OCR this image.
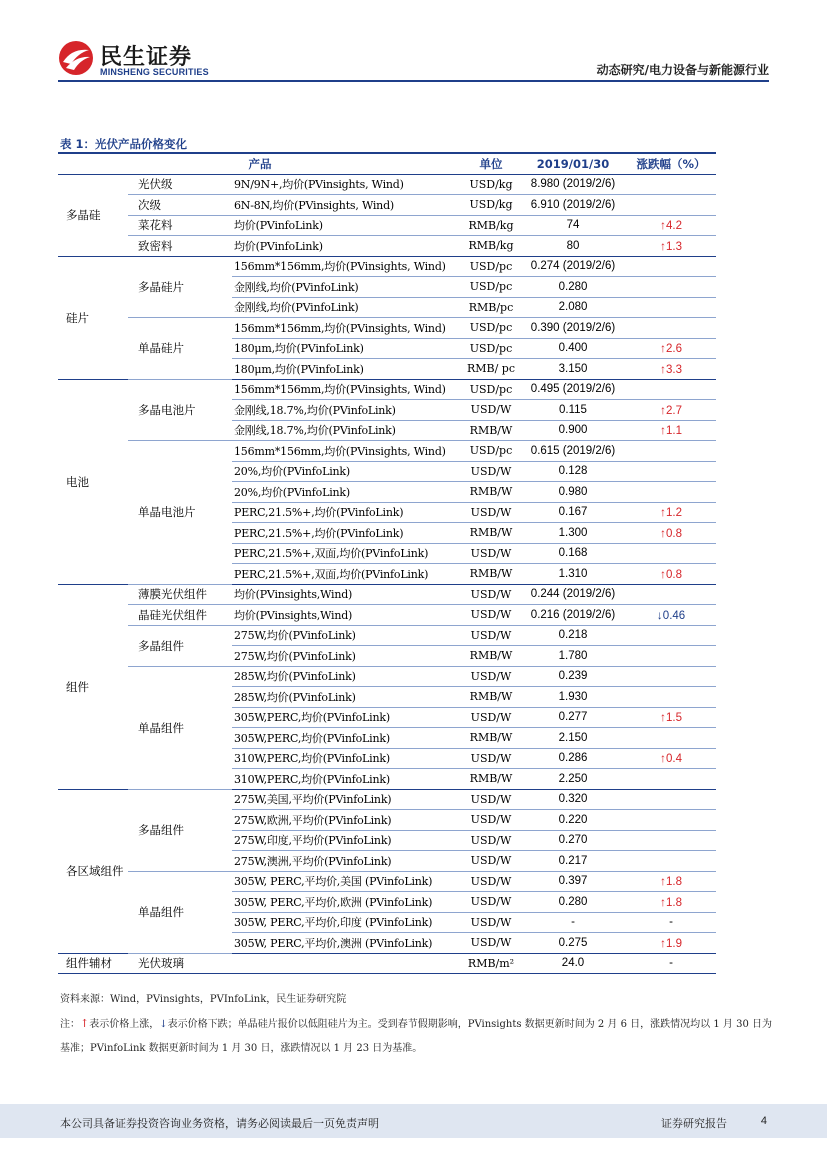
民生证券
MINSHENG SECURITIES	动态研究/电力设备与新能源行业
表 1：光伏产品价格变化
产品			单位	2019/01/30	涨跌幅（%）
多晶硅	光伏级	9N/9N+,均价(PVinsights, Wind)	USD/kg	8.980 (2019/2/6)	
	次级	6N-8N,均价(PVinsights, Wind)	USD/kg	6.910 (2019/2/6)	
	菜花料	均价(PVinfoLink)	RMB/kg	74	↑4.2
	致密料	均价(PVinfoLink)	RMB/kg	80	↑1.3
硅片	多晶硅片	156mm*156mm,均价(PVinsights, Wind)	USD/pc	0.274 (2019/2/6)	
		金刚线,均价(PVinfoLink)	USD/pc	0.280	
		金刚线,均价(PVinfoLink)	RMB/pc	2.080	
	单晶硅片	156mm*156mm,均价(PVinsights, Wind)	USD/pc	0.390 (2019/2/6)	
		180μm,均价(PVinfoLink)	USD/pc	0.400	↑2.6
		180μm,均价(PVinfoLink)	RMB/ pc	3.150	↑3.3
电池	多晶电池片	156mm*156mm,均价(PVinsights, Wind)	USD/pc	0.495 (2019/2/6)	
		金刚线,18.7%,均价(PVinfoLink)	USD/W	0.115	↑2.7
		金刚线,18.7%,均价(PVinfoLink)	RMB/W	0.900	↑1.1
	单晶电池片	156mm*156mm,均价(PVinsights, Wind)	USD/pc	0.615 (2019/2/6)	
		20%,均价(PVinfoLink)	USD/W	0.128	
		20%,均价(PVinfoLink)	RMB/W	0.980	
		PERC,21.5%+,均价(PVinfoLink)	USD/W	0.167	↑1.2
		PERC,21.5%+,均价(PVinfoLink)	RMB/W	1.300	↑0.8
		PERC,21.5%+,双面,均价(PVinfoLink)	USD/W	0.168	
		PERC,21.5%+,双面,均价(PVinfoLink)	RMB/W	1.310	↑0.8
组件	薄膜光伏组件	均价(PVinsights,Wind)	USD/W	0.244 (2019/2/6)	
	晶硅光伏组件	均价(PVinsights,Wind)	USD/W	0.216 (2019/2/6)	↓0.46
	多晶组件	275W,均价(PVinfoLink)	USD/W	0.218	
		275W,均价(PVinfoLink)	RMB/W	1.780	
	单晶组件	285W,均价(PVinfoLink)	USD/W	0.239	
		285W,均价(PVinfoLink)	RMB/W	1.930	
		305W,PERC,均价(PVinfoLink)	USD/W	0.277	↑1.5
		305W,PERC,均价(PVinfoLink)	RMB/W	2.150	
		310W,PERC,均价(PVinfoLink)	USD/W	0.286	↑0.4
		310W,PERC,均价(PVinfoLink)	RMB/W	2.250	
各区域组件	多晶组件	275W,美国,平均价(PVinfoLink)	USD/W	0.320	
		275W,欧洲,平均价(PVinfoLink)	USD/W	0.220	
		275W,印度,平均价(PVinfoLink)	USD/W	0.270	
		275W,澳洲,平均价(PVinfoLink)	USD/W	0.217	
	单晶组件	305W, PERC,平均价,美国 (PVinfoLink)	USD/W	0.397	↑1.8
		305W, PERC,平均价,欧洲 (PVinfoLink)	USD/W	0.280	↑1.8
		305W, PERC,平均价,印度 (PVinfoLink)	USD/W	-	-
		305W, PERC,平均价,澳洲 (PVinfoLink)	USD/W	0.275	↑1.9
组件辅材	光伏玻璃		RMB/m²	24.0	-
资料来源：Wind，PVinsights，PVInfoLink，民生证券研究院
注：↑表示价格上涨，↓表示价格下跌；单晶硅片报价以低阻硅片为主。受到春节假期影响，PVinsights 数据更新时间为 2 月 6 日，涨跌情况均以 1 月 30 日为基准；PVinfoLink 数据更新时间为 1 月 30 日，涨跌情况以 1 月 23 日为基准。
本公司具备证券投资咨询业务资格，请务必阅读最后一页免责声明	证券研究报告	4
